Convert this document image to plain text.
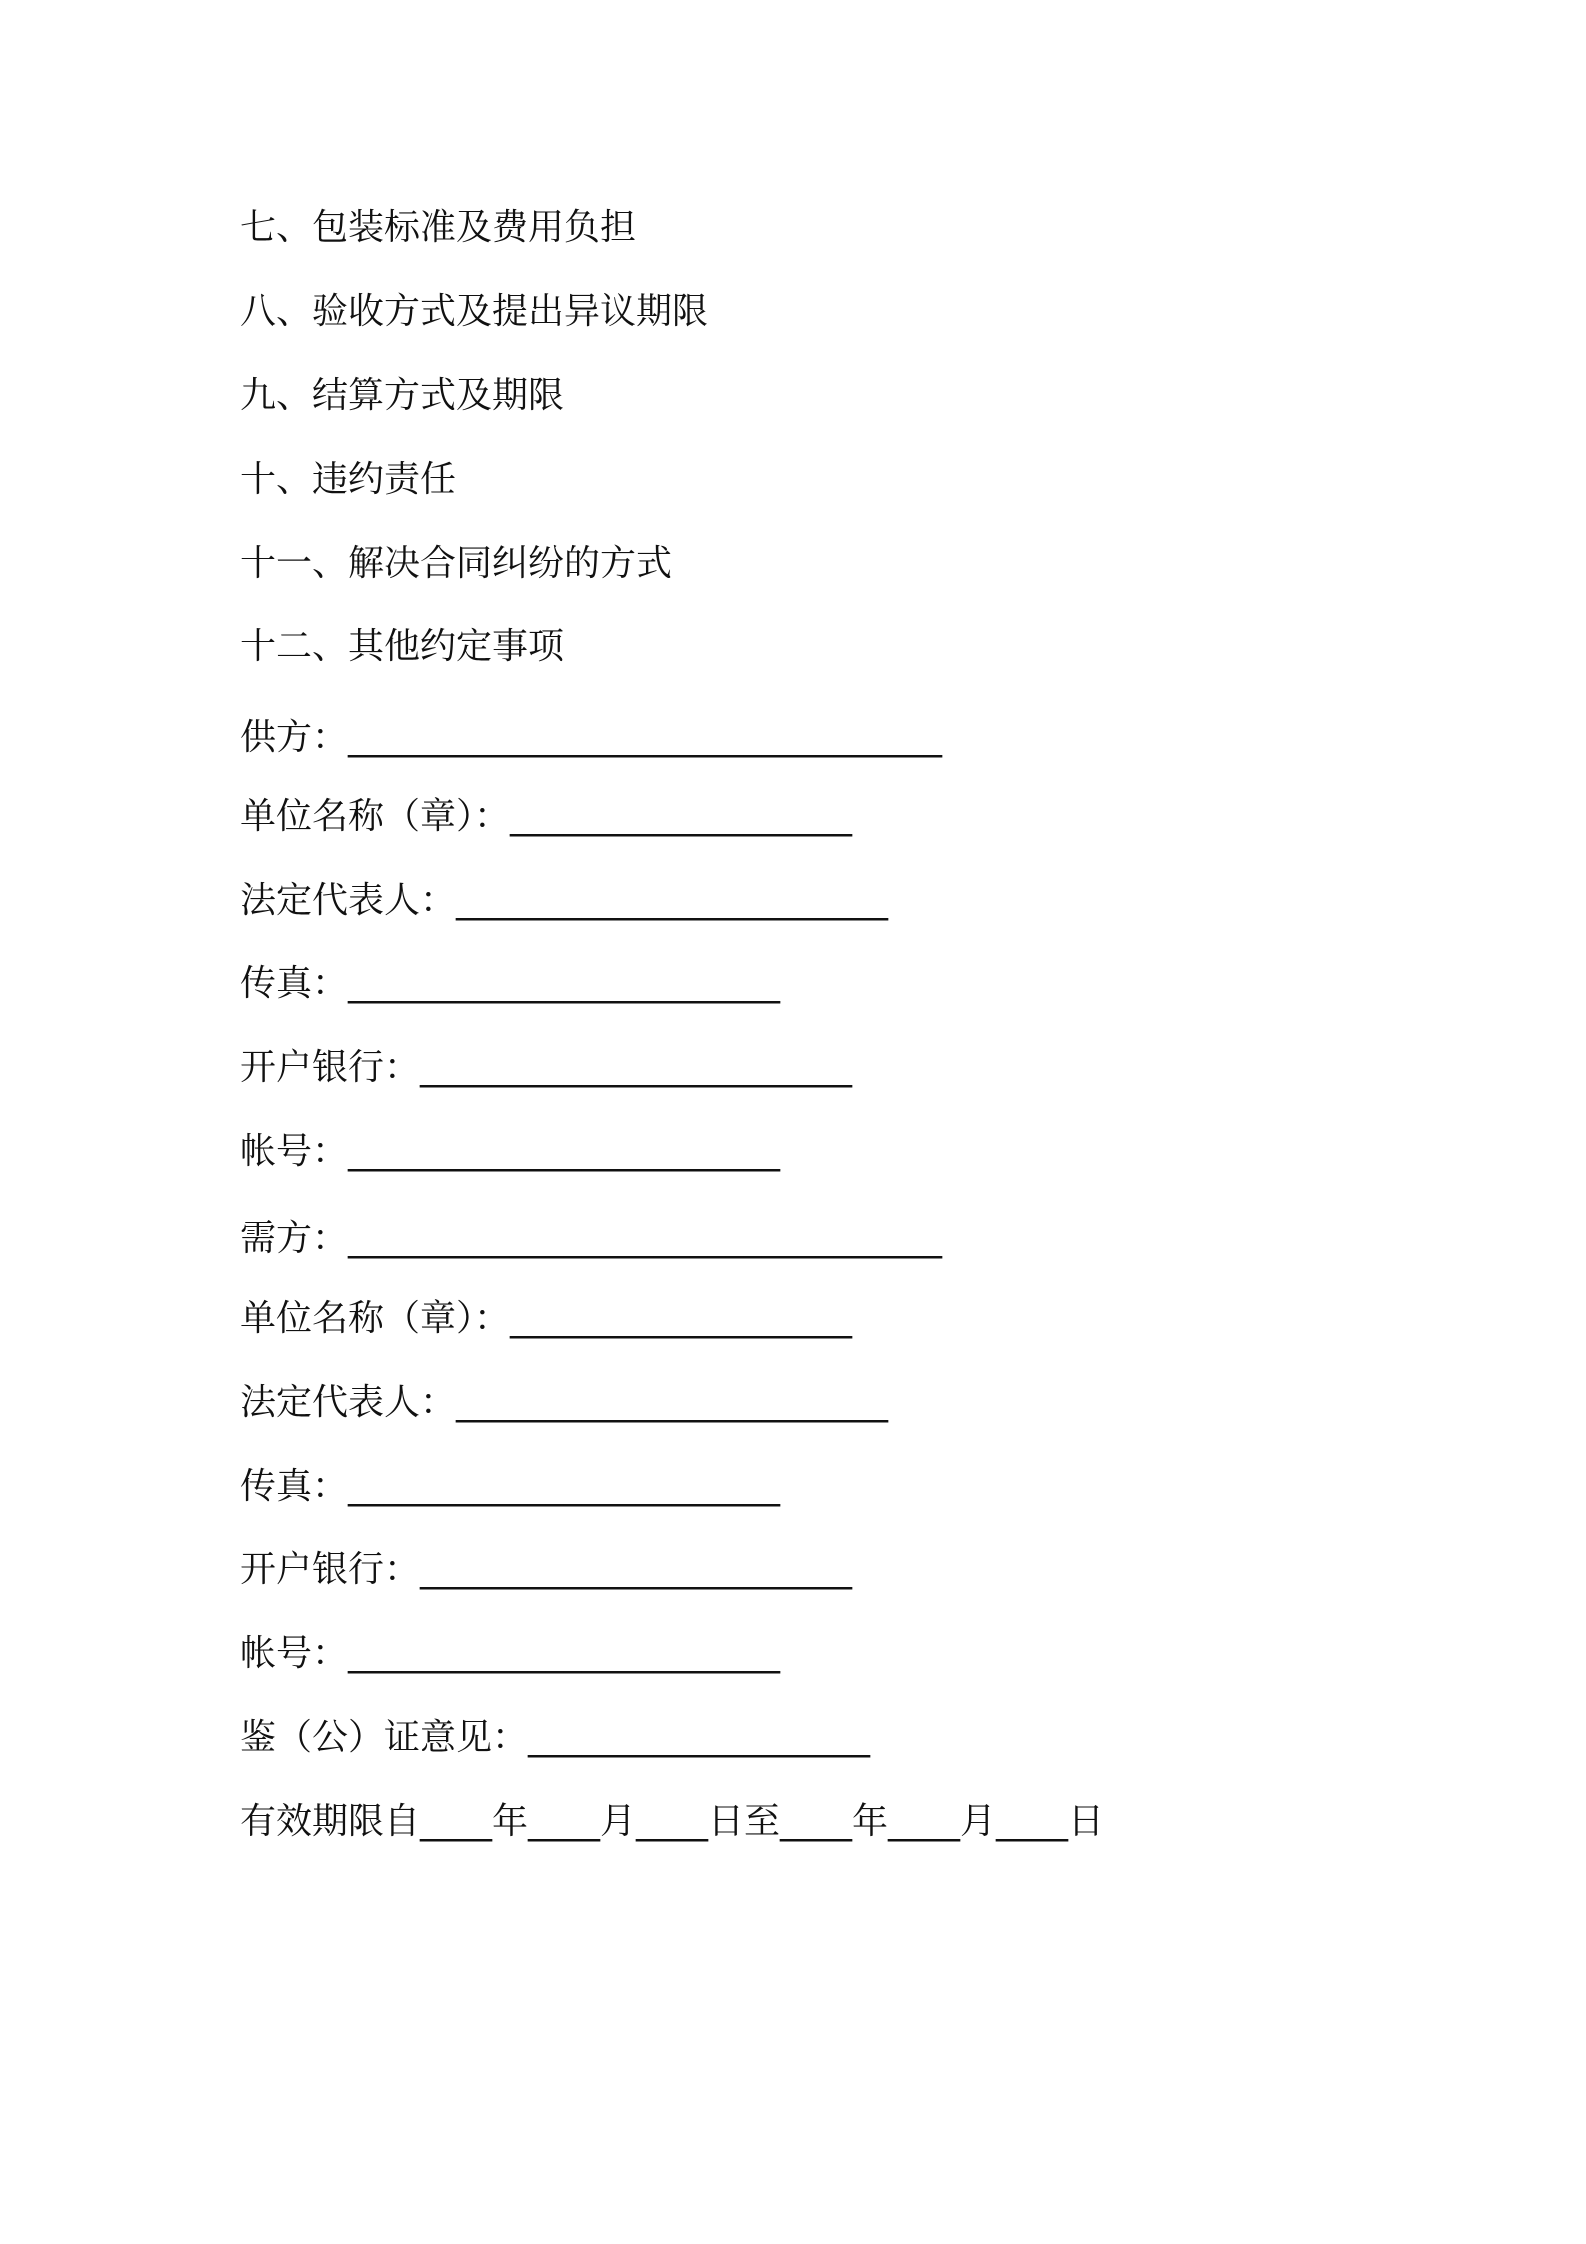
七、包装标准及费用负担
八、验收方式及提出异议期限
九、结算方式及期限
十、违约责任
十一、解决合同纠纷的方式
十二、其他约定事项
供方：_________________________________
单位名称（章）：___________________
法定代表人：________________________
传真：________________________
开户银行：________________________
帐号：________________________
需方：_________________________________
单位名称（章）：___________________
法定代表人：________________________
传真：________________________
开户银行：________________________
帐号：________________________
鉴（公）证意见：___________________
有效期限自____年____月____日至____年____月____日
